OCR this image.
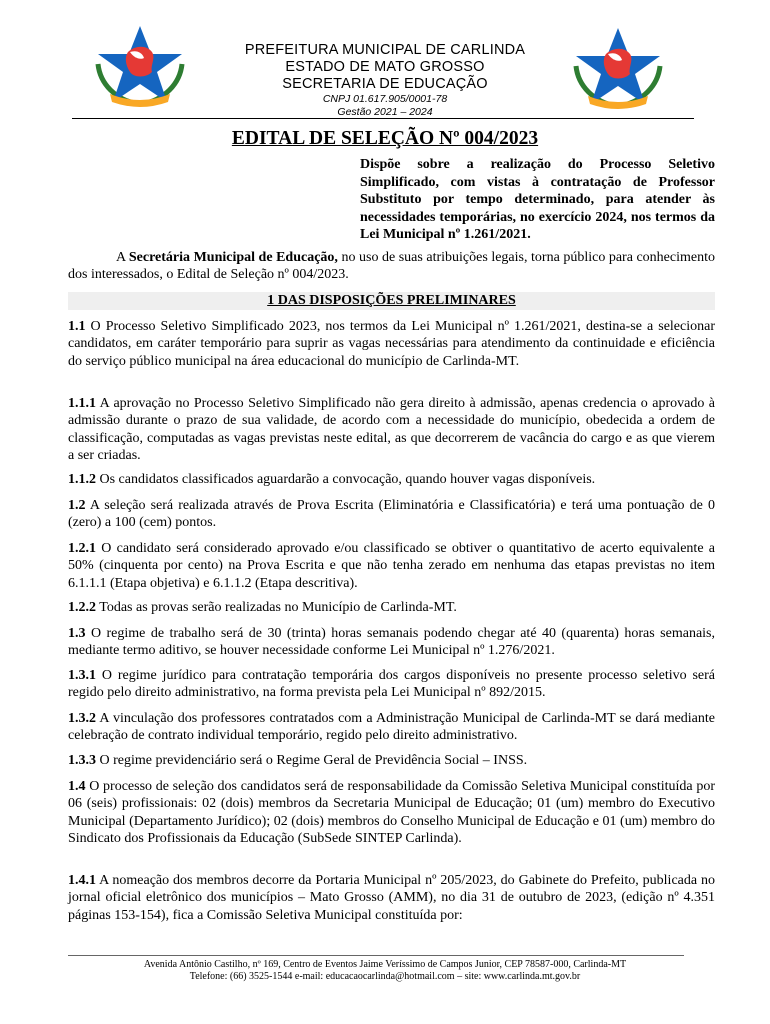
PREFEITURA MUNICIPAL DE CARLINDA
ESTADO DE MATO GROSSO
SECRETARIA DE EDUCAÇÃO
CNPJ 01.617.905/0001-78
Gestão 2021 – 2024
EDITAL DE SELEÇÃO Nº 004/2023
Dispõe sobre a realização do Processo Seletivo Simplificado, com vistas à contratação de Professor Substituto por tempo determinado, para atender às necessidades temporárias, no exercício 2024, nos termos da Lei Municipal nº 1.261/2021.
A Secretária Municipal de Educação, no uso de suas atribuições legais, torna público para conhecimento dos interessados, o Edital de Seleção nº 004/2023.
1 DAS DISPOSIÇÕES PRELIMINARES
1.1 O Processo Seletivo Simplificado 2023, nos termos da Lei Municipal nº 1.261/2021, destina-se a selecionar candidatos, em caráter temporário para suprir as vagas necessárias para atendimento da continuidade e eficiência do serviço público municipal na área educacional do município de Carlinda-MT.
1.1.1 A aprovação no Processo Seletivo Simplificado não gera direito à admissão, apenas credencia o aprovado à admissão durante o prazo de sua validade, de acordo com a necessidade do município, obedecida a ordem de classificação, computadas as vagas previstas neste edital, as que decorrerem de vacância do cargo e as que vierem a ser criadas.
1.1.2 Os candidatos classificados aguardarão a convocação, quando houver vagas disponíveis.
1.2 A seleção será realizada através de Prova Escrita (Eliminatória e Classificatória) e terá uma pontuação de 0 (zero) a 100 (cem) pontos.
1.2.1 O candidato será considerado aprovado e/ou classificado se obtiver o quantitativo de acerto equivalente a 50% (cinquenta por cento) na Prova Escrita e que não tenha zerado em nenhuma das etapas previstas no item 6.1.1.1 (Etapa objetiva) e 6.1.1.2 (Etapa descritiva).
1.2.2 Todas as provas serão realizadas no Município de Carlinda-MT.
1.3 O regime de trabalho será de 30 (trinta) horas semanais podendo chegar até 40 (quarenta) horas semanais, mediante termo aditivo, se houver necessidade conforme Lei Municipal nº 1.276/2021.
1.3.1 O regime jurídico para contratação temporária dos cargos disponíveis no presente processo seletivo será regido pelo direito administrativo, na forma prevista pela Lei Municipal nº 892/2015.
1.3.2 A vinculação dos professores contratados com a Administração Municipal de Carlinda-MT se dará mediante celebração de contrato individual temporário, regido pelo direito administrativo.
1.3.3 O regime previdenciário será o Regime Geral de Previdência Social – INSS.
1.4 O processo de seleção dos candidatos será de responsabilidade da Comissão Seletiva Municipal constituída por 06 (seis) profissionais: 02 (dois) membros da Secretaria Municipal de Educação; 01 (um) membro do Executivo Municipal (Departamento Jurídico); 02 (dois) membros do Conselho Municipal de Educação e 01 (um) membro do Sindicato dos Profissionais da Educação (SubSede SINTEP Carlinda).
1.4.1 A nomeação dos membros decorre da Portaria Municipal nº 205/2023, do Gabinete do Prefeito, publicada no jornal oficial eletrônico dos municípios – Mato Grosso (AMM), no dia 31 de outubro de 2023, (edição nº 4.351 páginas 153-154), fica a Comissão Seletiva Municipal constituída por:
Avenida Antônio Castilho, nº 169, Centro de Eventos Jaime Veríssimo de Campos Junior, CEP 78587-000, Carlinda-MT
Telefone: (66) 3525-1544 e-mail: educacaocarlinda@hotmail.com – site: www.carlinda.mt.gov.br
